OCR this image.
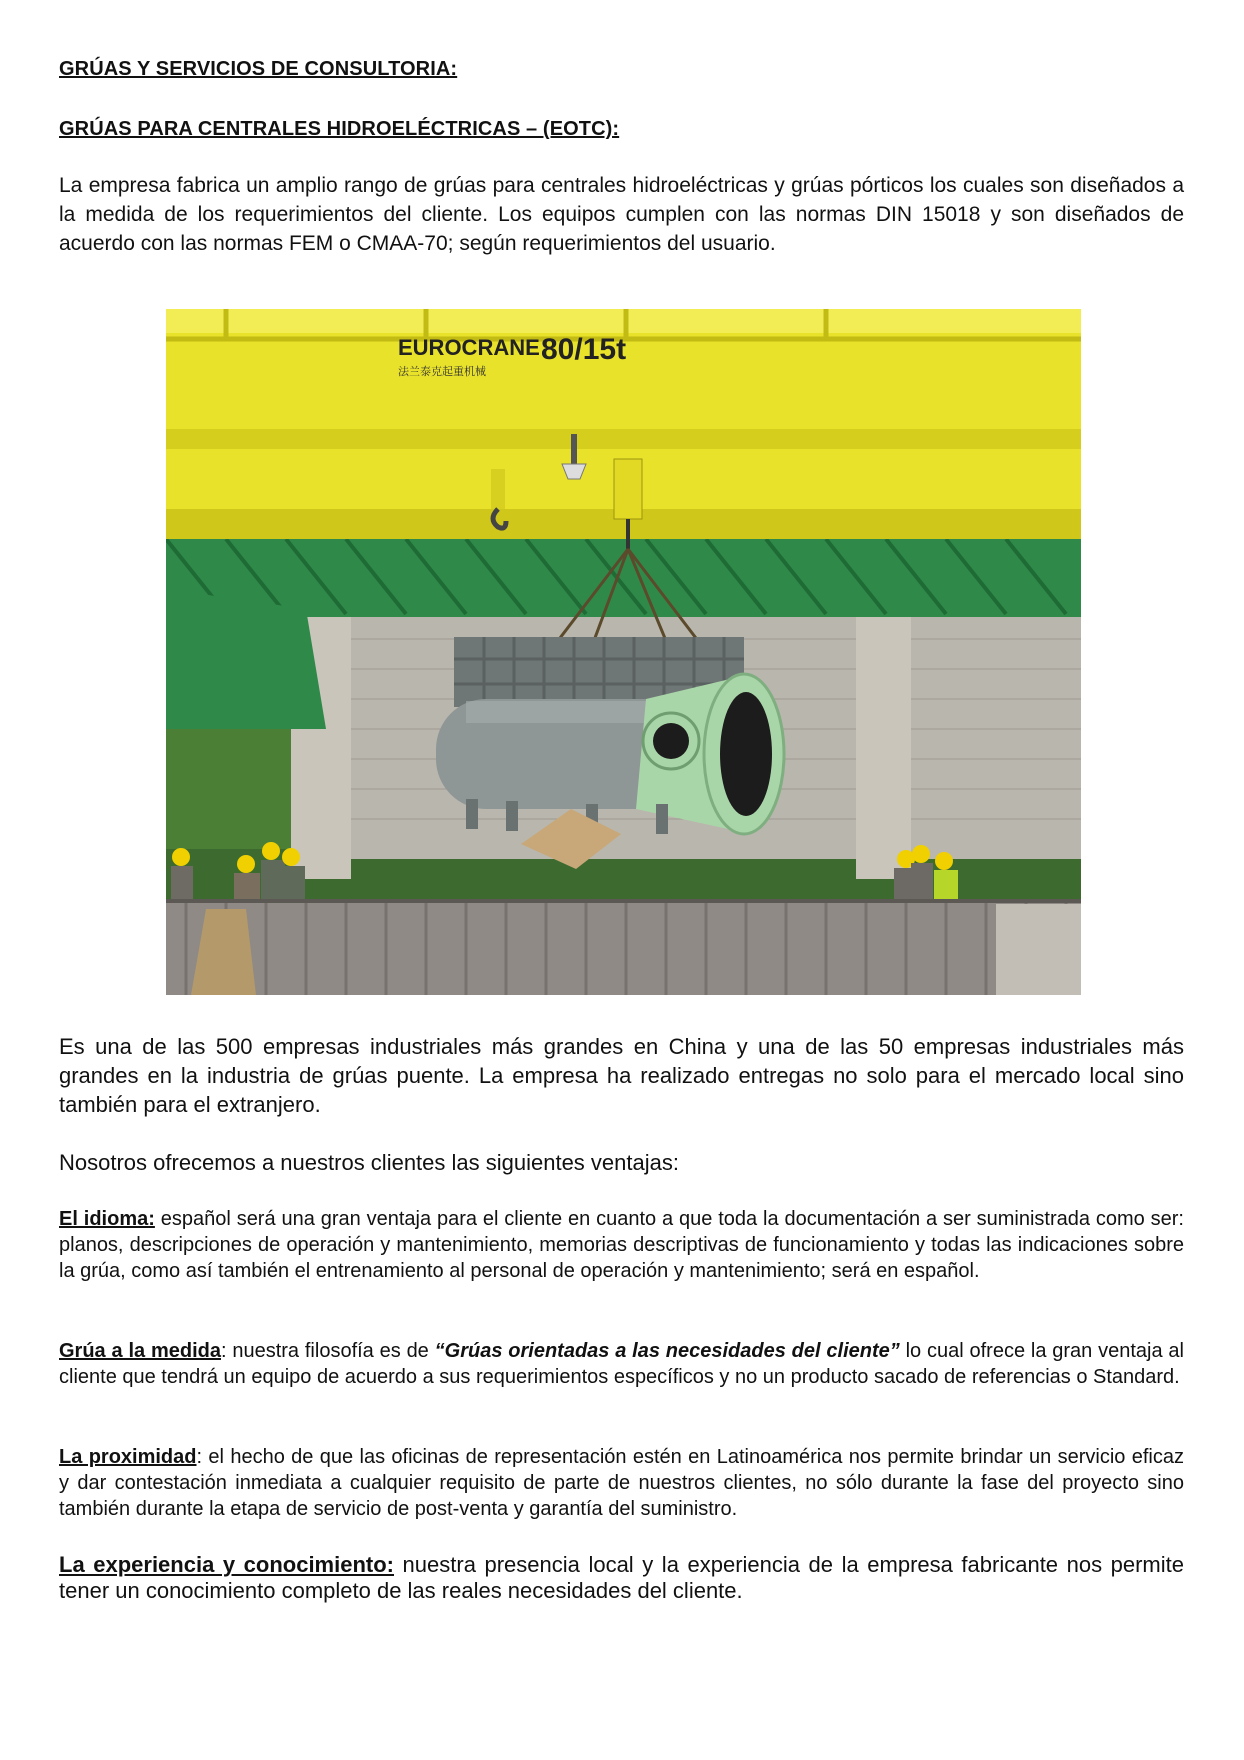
GRÚAS Y SERVICIOS DE CONSULTORIA:
GRÚAS PARA CENTRALES HIDROELÉCTRICAS – (EOTC):
La empresa fabrica un amplio rango de grúas para centrales hidroeléctricas y grúas pórticos los cuales son diseñados a la medida de los requerimientos del cliente. Los equipos cumplen con las normas DIN 15018 y son diseñados de acuerdo con las normas FEM o CMAA-70; según requerimientos del usuario.
EUROCRANE 80/15t
法兰泰克起重机械
Es una de las 500 empresas industriales más grandes en China y una de las 50 empresas industriales más grandes en la industria de grúas puente. La empresa ha realizado entregas no solo para el mercado local sino también para el extranjero.
Nosotros ofrecemos a nuestros clientes las siguientes ventajas:
El idioma: español será una gran ventaja para el cliente en cuanto a que toda la documentación a ser suministrada como ser: planos, descripciones de operación y mantenimiento, memorias descriptivas de funcionamiento y todas las indicaciones sobre la grúa, como así también el entrenamiento al personal de operación y mantenimiento; será en español.
Grúa a la medida: nuestra filosofía es de “Grúas orientadas a las necesidades del cliente” lo cual ofrece la gran ventaja al cliente que tendrá un equipo de acuerdo a sus requerimientos específicos y no un producto sacado de referencias o Standard.
La proximidad: el hecho de que las oficinas de representación estén en Latinoamérica nos permite brindar un servicio eficaz y dar contestación inmediata a cualquier requisito de parte de nuestros clientes, no sólo durante la fase del proyecto sino también durante la etapa de servicio de post-venta y garantía del suministro.
La experiencia y conocimiento: nuestra presencia local y la experiencia de la empresa fabricante nos permite tener un conocimiento completo de las reales necesidades del cliente.
